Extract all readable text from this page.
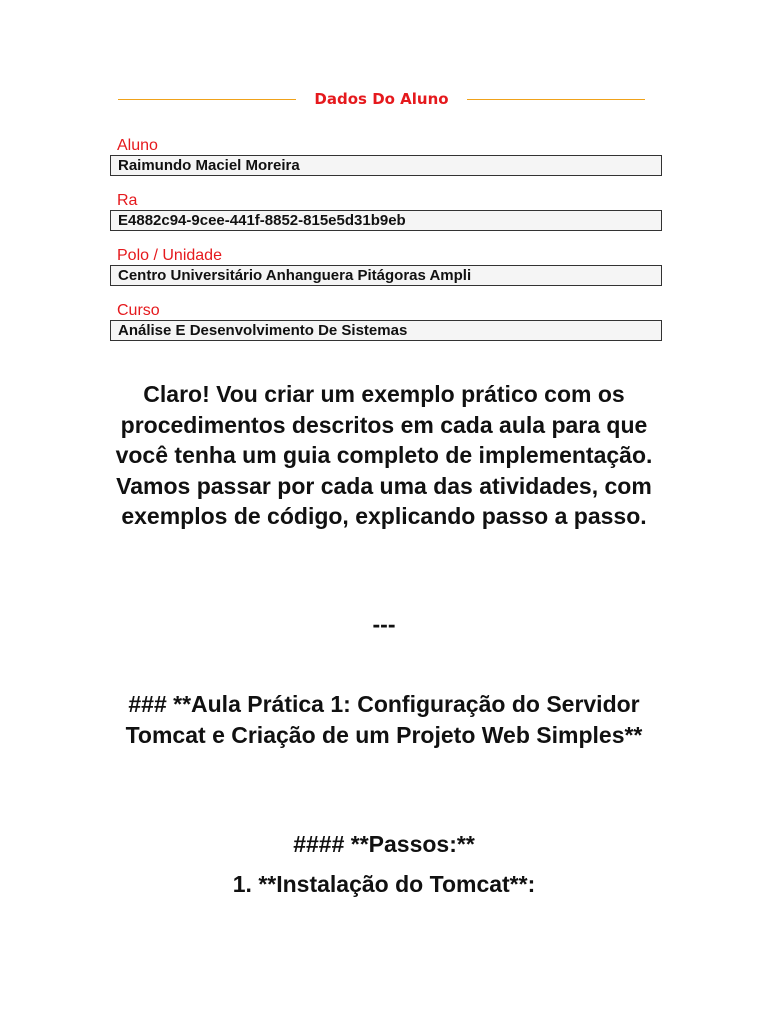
Dados Do Aluno
Aluno
Raimundo Maciel Moreira
Ra
E4882c94-9cee-441f-8852-815e5d31b9eb
Polo / Unidade
Centro Universitário Anhanguera Pitágoras Ampli
Curso
Análise E Desenvolvimento De Sistemas

Claro! Vou criar um exemplo prático com os procedimentos descritos em cada aula para que você tenha um guia completo de implementação. Vamos passar por cada uma das atividades, com exemplos de código, explicando passo a passo.

---

### **Aula Prática 1: Configuração do Servidor Tomcat e Criação de um Projeto Web Simples**

#### **Passos:**

1. **Instalação do Tomcat**:
